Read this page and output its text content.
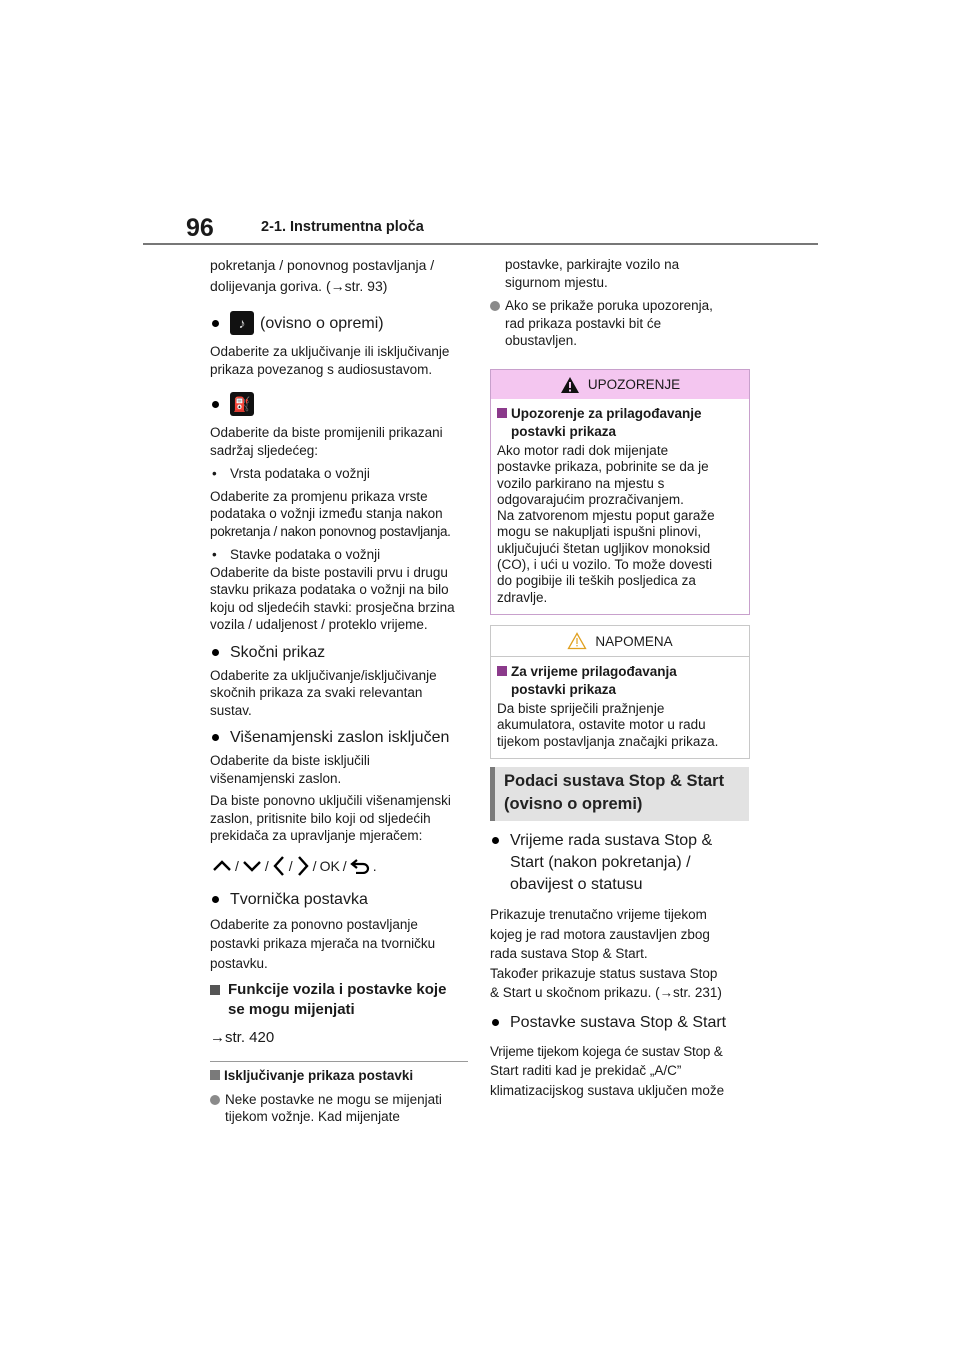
96	2-1. Instrumentna ploča

pokretanja / ponovnog postavljanja /

dolijevanja goriva. (→str. 93)

♪ (ovisno o opremi)

Odaberite za uključivanje ili isključivanje

prikaza povezanog s audiosustavom.

⛽

Odaberite da biste promijenili prikazani

sadržaj sljedećeg:

• Vrsta podataka o vožnji

Odaberite za promjenu prikaza vrste

podataka o vožnji između stanja nakon

pokretanja / nakon ponovnog postavljanja.

• Stavke podataka o vožnji

Odaberite da biste postavili prvu i drugu

stavku prikaza podataka o vožnji na bilo

koju od sljedećih stavki: prosječna brzina

vozila / udaljenost / proteklo vrijeme.

Skočni prikaz

Odaberite za uključivanje/isključivanje

skočnih prikaza za svaki relevantan

sustav.

Višenamjenski zaslon isključen

Odaberite da biste isključili

višenamjenski zaslon.

Da biste ponovno uključili višenamjenski

zaslon, pritisnite bilo koji od sljedećih

prekidača za upravljanje mjeračem:

/ / / / OK / .
Tvornička postavka

Odaberite za ponovno postavljanje

postavki prikaza mjerača na tvorničku

postavku.

Funkcije vozila i postavke koje

se mogu mijenjati

→str. 420

Isključivanje prikaza postavki

Neke postavke ne mogu se mijenjati

tijekom vožnje. Kad mijenjate

postavke, parkirajte vozilo na

sigurnom mjestu.

Ako se prikaže poruka upozorenja,

rad prikaza postavki bit će

obustavljen.

UPOZORENJE

Upozorenje za prilagođavanje

postavki prikaza

Ako motor radi dok mijenjate

postavke prikaza, pobrinite se da je

vozilo parkirano na mjestu s

odgovarajućim prozračivanjem.

Na zatvorenom mjestu poput garaže

mogu se nakupljati ispušni plinovi,

uključujući štetan ugljikov monoksid

(CO), i ući u vozilo. To može dovesti

do pogibije ili teških posljedica za

zdravlje.

NAPOMENA

Za vrijeme prilagođavanja

postavki prikaza

Da biste spriječili pražnjenje

akumulatora, ostavite motor u radu

tijekom postavljanja značajki prikaza.

Podaci sustava Stop & Start

(ovisno o opremi)

Vrijeme rada sustava Stop &

Start (nakon pokretanja) /

obavijest o statusu

Prikazuje trenutačno vrijeme tijekom

kojeg je rad motora zaustavljen zbog

rada sustava Stop & Start.

Također prikazuje status sustava Stop

& Start u skočnom prikazu. (→str. 231)

Postavke sustava Stop & Start

Vrijeme tijekom kojega će sustav Stop &

Start raditi kad je prekidač „A/C”

klimatizacijskog sustava uključen može
